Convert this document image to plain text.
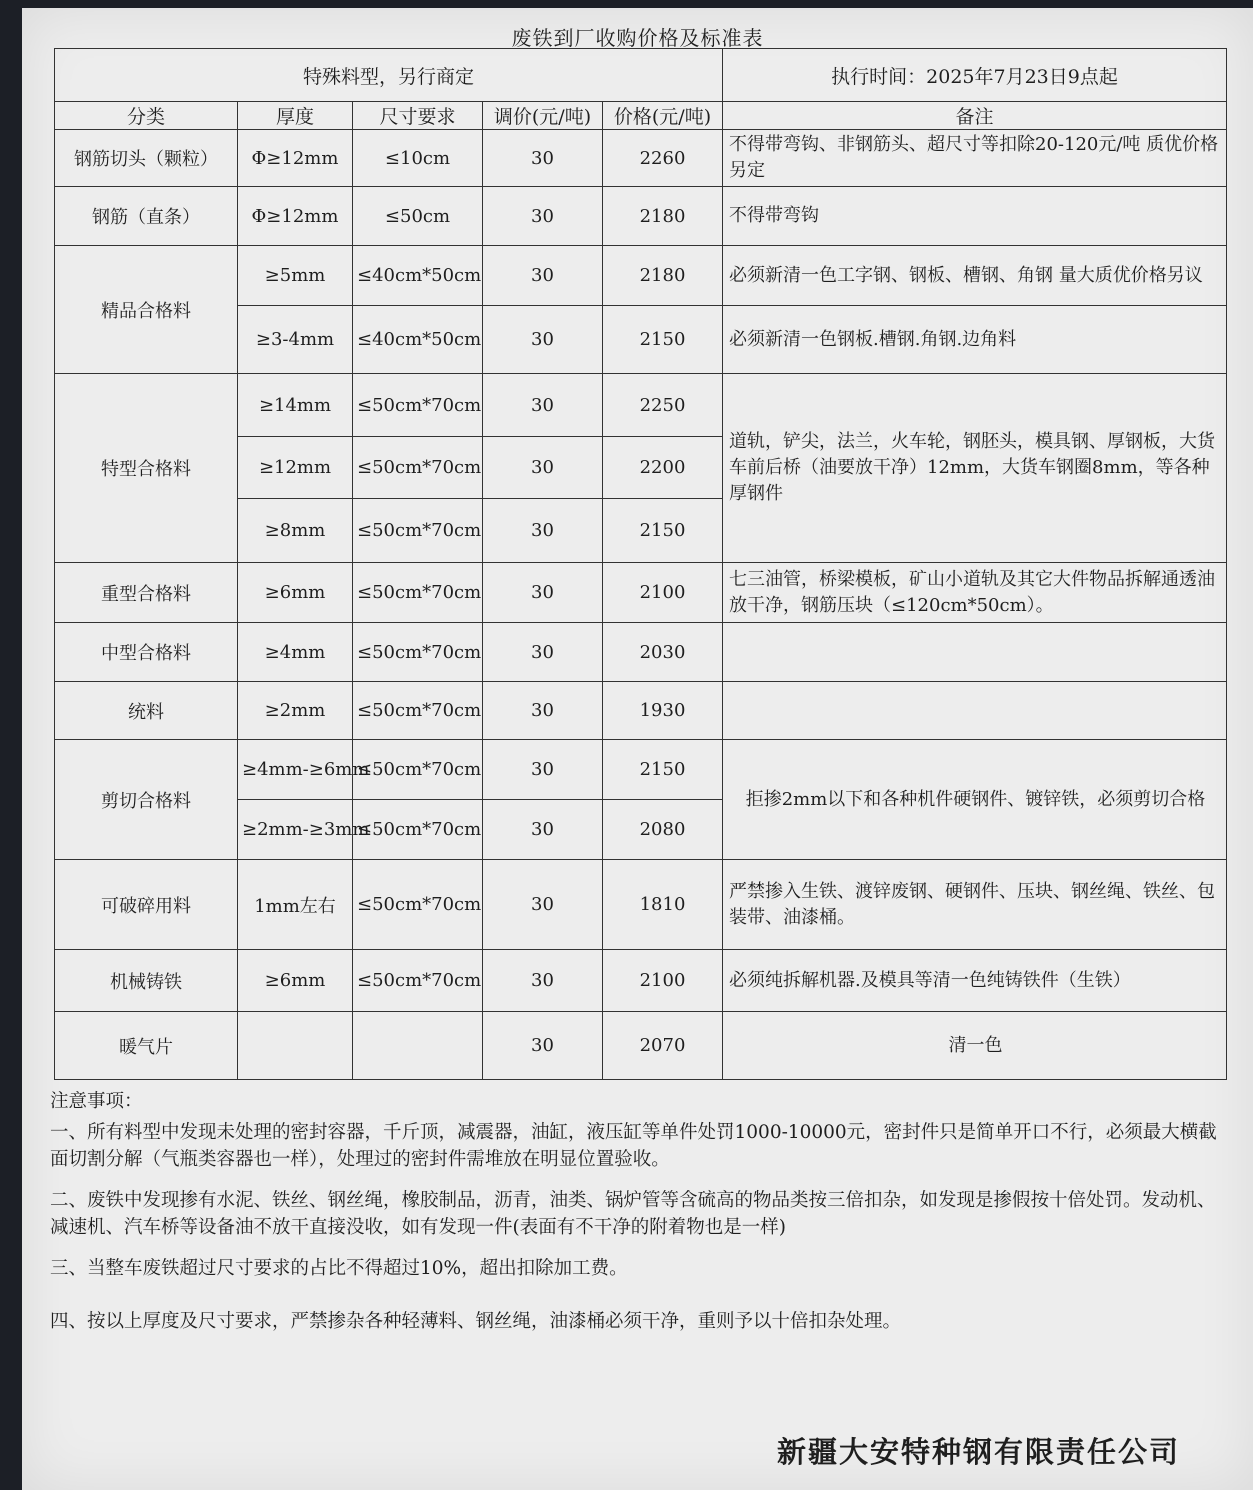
废铁到厂收购价格及标准表
特殊料型，另行商定					执行时间：2025年7月23日9点起
分类	厚度	尺寸要求	调价(元/吨)	价格(元/吨)	备注
钢筋切头（颗粒）	Φ≥12mm	≤10cm	30	2260	不得带弯钩、非钢筋头、超尺寸等扣除20-120元/吨 质优价格另定
钢筋（直条）	Φ≥12mm	≤50cm	30	2180	不得带弯钩
精品合格料	≥5mm	≤40cm*50cm	30	2180	必须新清一色工字钢、钢板、槽钢、角钢 量大质优价格另议
	≥3-4mm	≤40cm*50cm	30	2150	必须新清一色钢板.槽钢.角钢.边角料
特型合格料	≥14mm	≤50cm*70cm	30	2250	道轨，铲尖，法兰，火车轮，钢胚头，模具钢、厚钢板，大货车前后桥（油要放干净）12mm，大货车钢圈8mm，等各种厚钢件
	≥12mm	≤50cm*70cm	30	2200	
	≥8mm	≤50cm*70cm	30	2150	
重型合格料	≥6mm	≤50cm*70cm	30	2100	七三油管，桥梁模板，矿山小道轨及其它大件物品拆解通透油放干净，钢筋压块（≤120cm*50cm）。
中型合格料	≥4mm	≤50cm*70cm	30	2030	
统料	≥2mm	≤50cm*70cm	30	1930	
剪切合格料	≥4mm-≥6mm	≤50cm*70cm	30	2150	拒掺2mm以下和各种机件硬钢件、镀锌铁，必须剪切合格
	≥2mm-≥3mm	≤50cm*70cm	30	2080	
可破碎用料	1mm左右	≤50cm*70cm	30	1810	严禁掺入生铁、渡锌废钢、硬钢件、压块、钢丝绳、铁丝、包装带、油漆桶。
机械铸铁	≥6mm	≤50cm*70cm	30	2100	必须纯拆解机器.及模具等清一色纯铸铁件（生铁）
暖气片			30	2070	清一色

注意事项：

一、所有料型中发现未处理的密封容器，千斤顶，减震器，油缸，液压缸等单件处罚1000-10000元，密封件只是简单开口不行，必须最大横截面切割分解（气瓶类容器也一样），处理过的密封件需堆放在明显位置验收。

二、废铁中发现掺有水泥、铁丝、钢丝绳，橡胶制品，沥青，油类、锅炉管等含硫高的物品类按三倍扣杂，如发现是掺假按十倍处罚。发动机、减速机、汽车桥等设备油不放干直接没收，如有发现一件(表面有不干净的附着物也是一样)

三、当整车废铁超过尺寸要求的占比不得超过10%，超出扣除加工费。

四、按以上厚度及尺寸要求，严禁掺杂各种轻薄料、钢丝绳，油漆桶必须干净，重则予以十倍扣杂处理。

新疆大安特种钢有限责任公司
